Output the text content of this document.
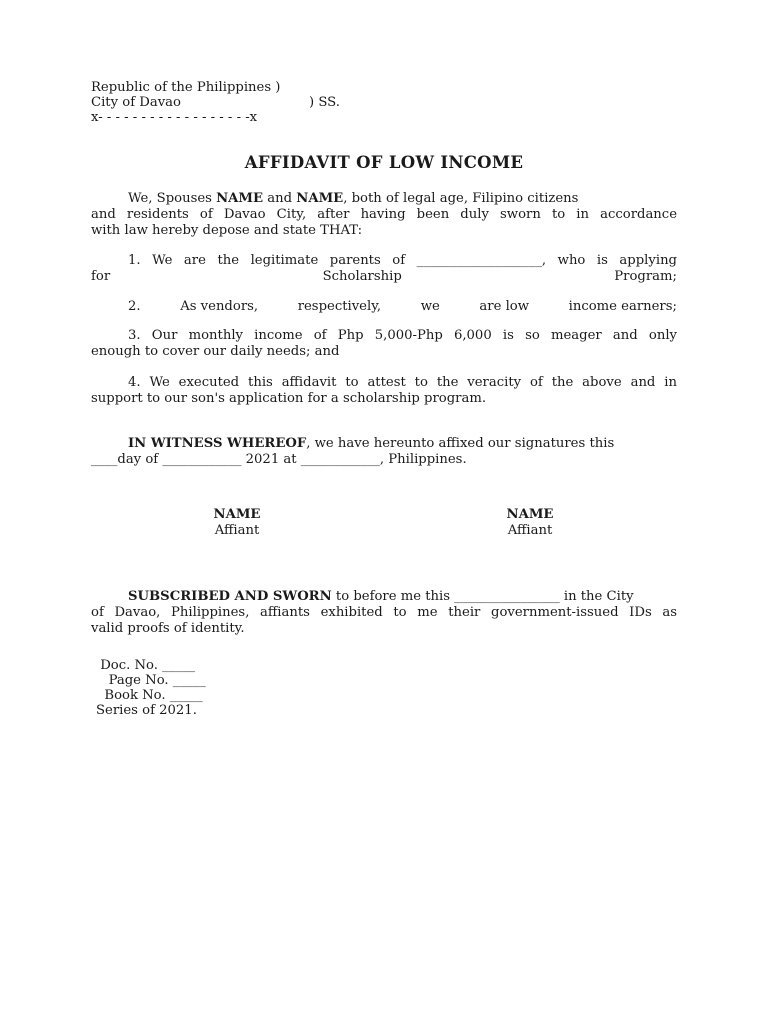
Republic of the Philippines )
City of Davao	) SS.
x- - - - - - - - - - - - - - - - - -x
AFFIDAVIT OF LOW INCOME
We, Spouses NAME and NAME, both of legal age, Filipino citizens
and residents of Davao City, after having been duly sworn to in accordance
with law hereby depose and state THAT:
1. We are the legitimate parents of ___________________, who is applying
for	Scholarship	Program;
2.	As vendors,	respectively,	we	are low	income earners;
3. Our monthly income of Php 5,000-Php 6,000 is so meager and only
enough to cover our daily needs; and
4. We executed this affidavit to attest to the veracity of the above and in
support to our son's application for a scholarship program.
IN WITNESS WHEREOF, we have hereunto affixed our signatures this
____day of ____________ 2021 at ____________, Philippines.
NAME
Affiant
NAME
Affiant
SUBSCRIBED AND SWORN to before me this ________________ in the City
of Davao, Philippines, affiants exhibited to me their government-issued IDs as
valid proofs of identity.
Doc. No. _____
Page No. _____
Book No. _____
Series of 2021.
